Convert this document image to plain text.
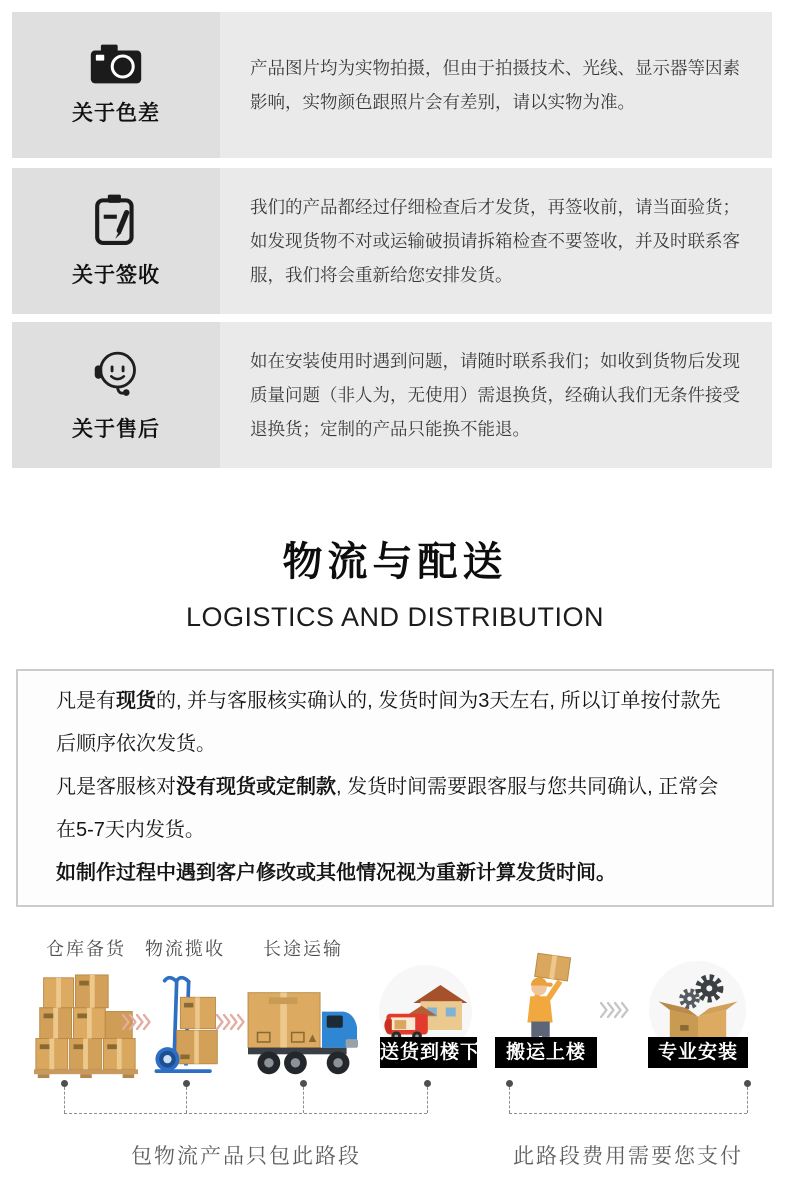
关于色差

产品图片均为实物拍摄，但由于拍摄技术、光线、显示器等因素影响，实物颜色跟照片会有差别，请以实物为准。

关于签收

我们的产品都经过仔细检查后才发货，再签收前，请当面验货；如发现货物不对或运输破损请拆箱检查不要签收，并及时联系客服，我们将会重新给您安排发货。

关于售后

如在安装使用时遇到问题，请随时联系我们；如收到货物后发现质量问题（非人为，无使用）需退换货，经确认我们无条件接受退换货；定制的产品只能换不能退。

物流与配送
LOGISTICS AND DISTRIBUTION

凡是有现货的, 并与客服核实确认的, 发货时间为3天左右, 所以订单按付款先后顺序依次发货。

凡是客服核对没有现货或定制款, 发货时间需要跟客服与您共同确认, 正常会在5-7天内发货。

如制作过程中遇到客户修改或其他情况视为重新计算发货时间。

仓库备货 物流揽收 长途运输
送货到楼下	搬运上楼	专业安装
包物流产品只包此路段	此路段费用需要您支付
